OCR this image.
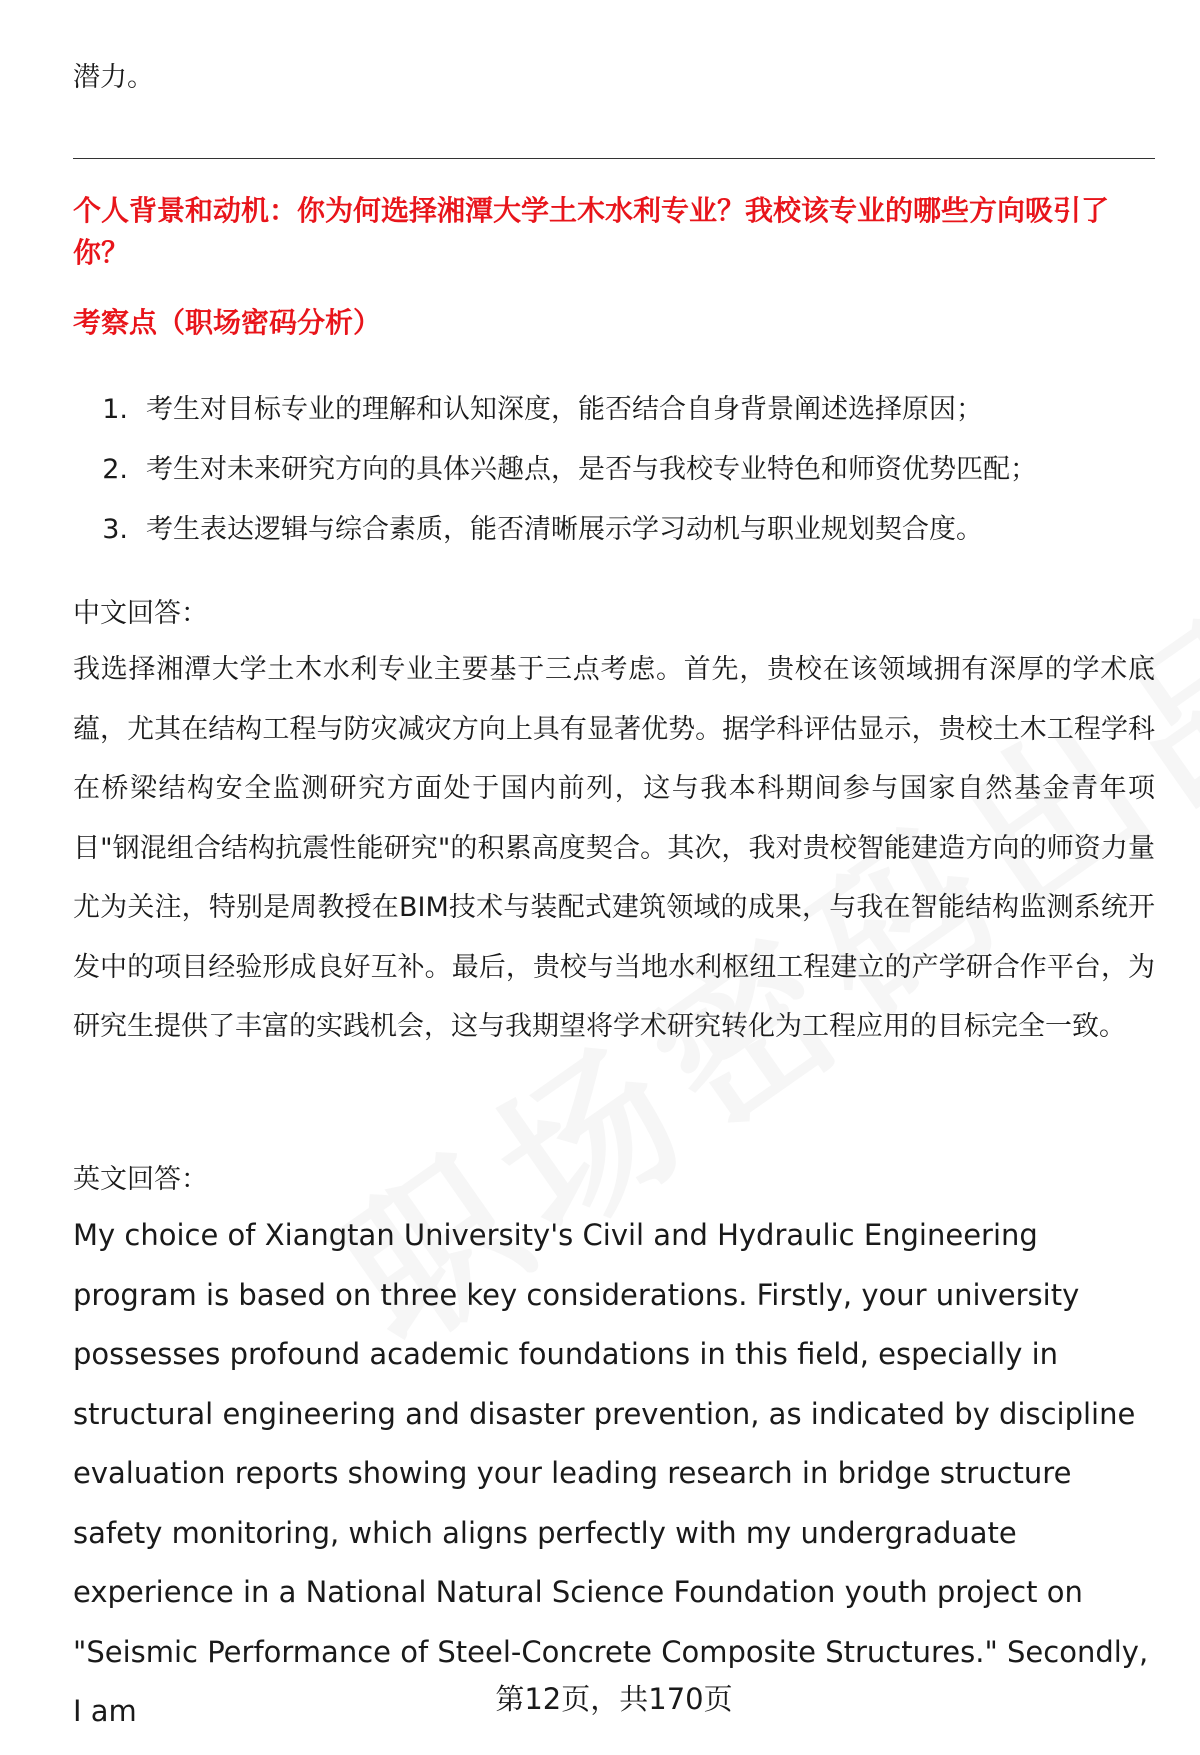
潜力。
个人背景和动机：你为何选择湘潭大学土木水利专业？我校该专业的哪些方向吸引了你？
考察点（职场密码分析）
1. 考生对目标专业的理解和认知深度，能否结合自身背景阐述选择原因；
2. 考生对未来研究方向的具体兴趣点，是否与我校专业特色和师资优势匹配；
3. 考生表达逻辑与综合素质，能否清晰展示学习动机与职业规划契合度。
中文回答：

我选择湘潭大学土木水利专业主要基于三点考虑。首先，贵校在该领域拥有深厚的学术底蕴，尤其在结构工程与防灾减灾方向上具有显著优势。据学科评估显示，贵校土木工程学科在桥梁结构安全监测研究方面处于国内前列，这与我本科期间参与国家自然基金青年项目"钢混组合结构抗震性能研究"的积累高度契合。其次，我对贵校智能建造方向的师资力量尤为关注，特别是周教授在BIM技术与装配式建筑领域的成果，与我在智能结构监测系统开发中的项目经验形成良好互补。最后，贵校与当地水利枢纽工程建立的产学研合作平台，为研究生提供了丰富的实践机会，这与我期望将学术研究转化为工程应用的目标完全一致。

英文回答：

My choice of Xiangtan University's Civil and Hydraulic Engineering program is based on three key considerations. Firstly, your university possesses profound academic foundations in this field, especially in structural engineering and disaster prevention, as indicated by discipline evaluation reports showing your leading research in bridge structure safety monitoring, which aligns perfectly with my undergraduate experience in a National Natural Science Foundation youth project on "Seismic Performance of Steel-Concrete Composite Structures." Secondly, I am	第12页，共170页
